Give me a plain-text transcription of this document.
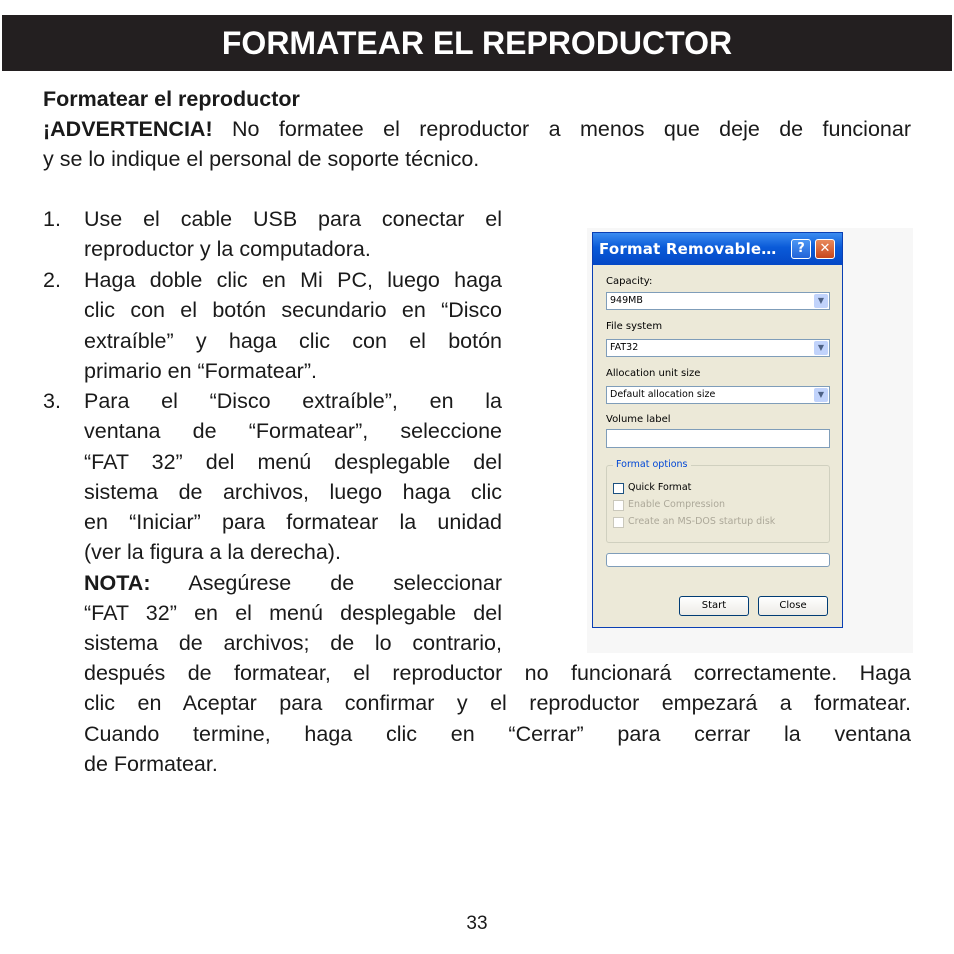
FORMATEAR EL REPRODUCTOR
Formatear el reproductor
¡ADVERTENCIA! No formatee el reproductor a menos que deje de funcionar
y se lo indique el personal de soporte técnico.
1. Use el cable USB para conectar el
reproductor y la computadora.
2. Haga doble clic en Mi PC, luego haga
clic con el botón secundario en “Disco
extraíble” y haga clic con el botón
primario en “Formatear”.
3. Para el “Disco extraíble”, en la
ventana de “Formatear”, seleccione
“FAT 32” del menú desplegable del
sistema de archivos, luego haga clic
en “Iniciar” para formatear la unidad
(ver la figura a la derecha).
NOTA: Asegúrese de seleccionar
“FAT 32” en el menú desplegable del
sistema de archivos; de lo contrario,
después de formatear, el reproductor no funcionará correctamente. Haga
clic en Aceptar para confirmar y el reproductor empezará a formatear.
Cuando termine, haga clic en “Cerrar” para cerrar la ventana
de Formatear.
Format Removable…	?	✕
Capacity:
949MB	▼
File system
FAT32	▼
Allocation unit size
Default allocation size	▼
Volume label
Format options
Quick Format
Enable Compression
Create an MS-DOS startup disk
Start	Close
33
